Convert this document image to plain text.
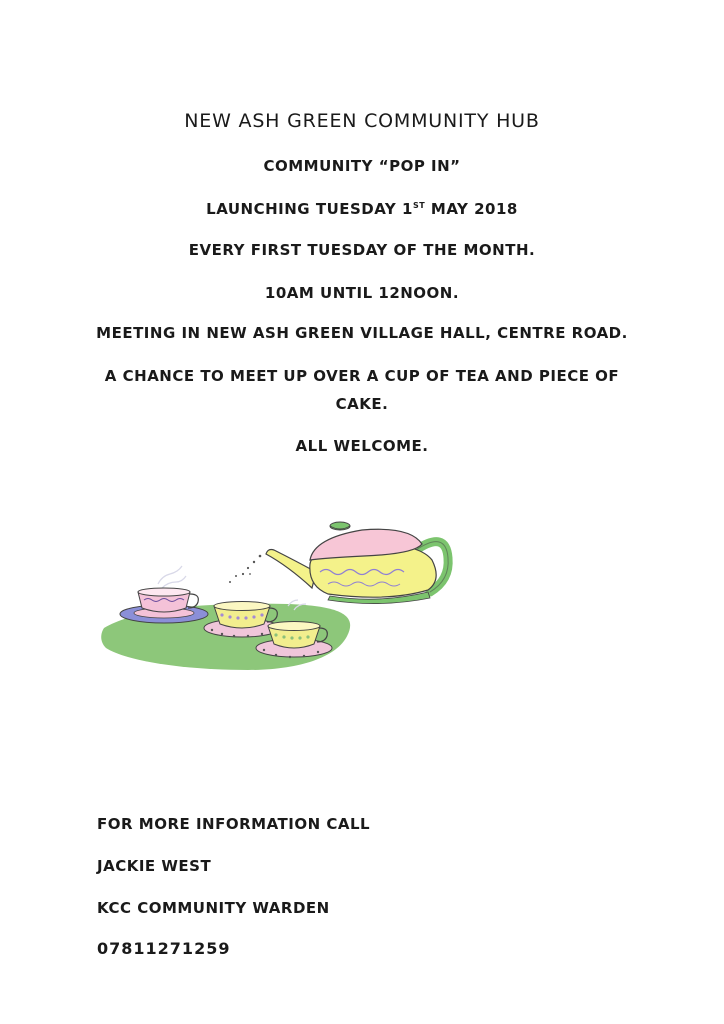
NEW ASH GREEN COMMUNITY HUB
COMMUNITY “POP IN”
LAUNCHING TUESDAY 1ST MAY 2018
EVERY FIRST TUESDAY OF THE MONTH.
10AM UNTIL 12NOON.
MEETING IN NEW ASH GREEN VILLAGE HALL, CENTRE ROAD.
A CHANCE TO MEET UP OVER A CUP OF TEA AND PIECE OF
CAKE.
ALL WELCOME.
FOR MORE INFORMATION CALL
JACKIE WEST
KCC COMMUNITY WARDEN
07811271259
